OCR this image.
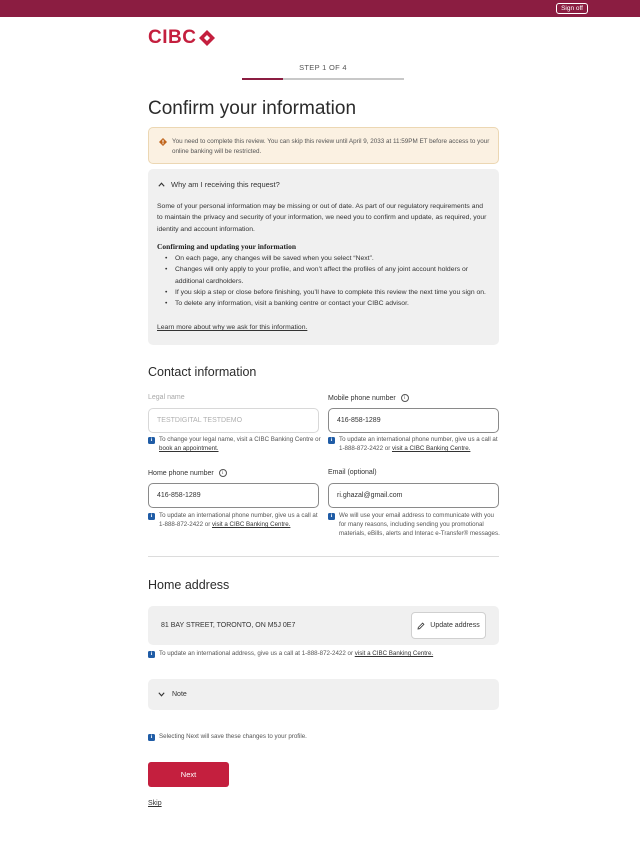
Sign off
CIBC
STEP 1 OF 4
Confirm your information
You need to complete this review. You can skip this review until April 9, 2033 at 11:59PM ET before access to your online banking will be restricted.
Why am I receiving this request?
Some of your personal information may be missing or out of date. As part of our regulatory requirements and to maintain the privacy and security of your information, we need you to confirm and update, as required, your identity and account information.
Confirming and updating your information
• On each page, any changes will be saved when you select “Next”.
• Changes will only apply to your profile, and won’t affect the profiles of any joint account holders or additional cardholders.
• If you skip a step or close before finishing, you’ll have to complete this review the next time you sign on.
• To delete any information, visit a banking centre or contact your CIBC advisor.
Learn more about why we ask for this information.
Contact information
Legal name
TESTDIGITAL TESTDEMO
i	To change your legal name, visit a CIBC Banking Centre or book an appointment.
Mobile phone number	i
416-858-1289
i	To update an international phone number, give us a call at 1-888-872-2422 or visit a CIBC Banking Centre.
Home phone number	i
416-858-1289
i	To update an international phone number, give us a call at 1-888-872-2422 or visit a CIBC Banking Centre.
Email (optional)
ri.ghazal@gmail.com
i	We will use your email address to communicate with you for many reasons, including sending you promotional materials, eBills, alerts and Interac e-Transfer® messages.
Home address
81 BAY STREET, TORONTO, ON M5J 0E7	Update address
i	To update an international address, give us a call at 1-888-872-2422 or visit a CIBC Banking Centre.
Note
i	Selecting Next will save these changes to your profile.
Next
Skip
